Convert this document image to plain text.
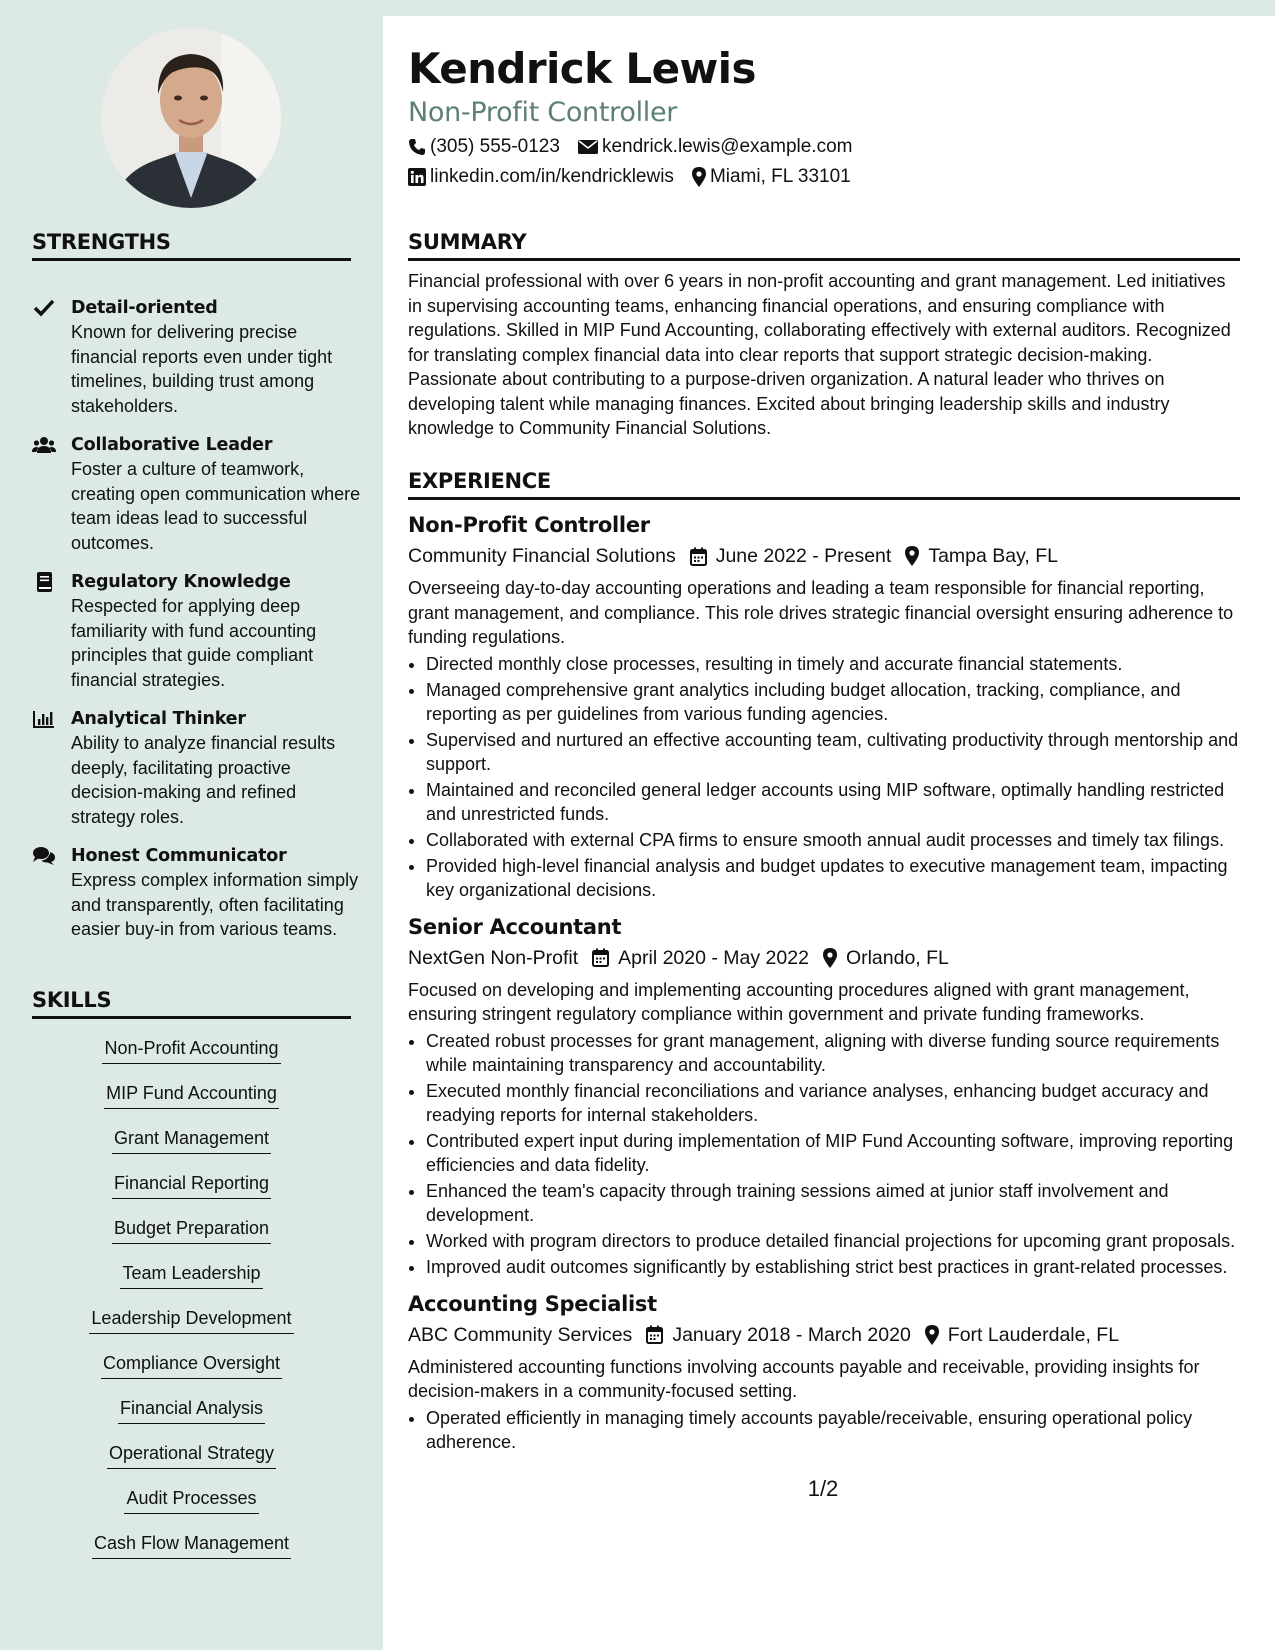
STRENGTHS
Detail-oriented
Known for delivering precise financial reports even under tight timelines, building trust among stakeholders.
Collaborative Leader
Foster a culture of teamwork, creating open communication where team ideas lead to successful outcomes.
Regulatory Knowledge
Respected for applying deep familiarity with fund accounting principles that guide compliant financial strategies.
Analytical Thinker
Ability to analyze financial results deeply, facilitating proactive decision-making and refined strategy roles.
Honest Communicator
Express complex information simply and transparently, often facilitating easier buy-in from various teams.
SKILLS
Non-Profit Accounting
MIP Fund Accounting
Grant Management
Financial Reporting
Budget Preparation
Team Leadership
Leadership Development
Compliance Oversight
Financial Analysis
Operational Strategy
Audit Processes
Cash Flow Management
Kendrick Lewis
Non-Profit Controller
(305) 555-0123 kendrick.lewis@example.com
linkedin.com/in/kendricklewis Miami, FL 33101
SUMMARY
Financial professional with over 6 years in non-profit accounting and grant management. Led initiatives in supervising accounting teams, enhancing financial operations, and ensuring compliance with regulations. Skilled in MIP Fund Accounting, collaborating effectively with external auditors. Recognized for translating complex financial data into clear reports that support strategic decision-making. Passionate about contributing to a purpose-driven organization. A natural leader who thrives on developing talent while managing finances. Excited about bringing leadership skills and industry knowledge to Community Financial Solutions.
EXPERIENCE
Non-Profit Controller
Community Financial Solutions June 2022 - Present Tampa Bay, FL
Overseeing day-to-day accounting operations and leading a team responsible for financial reporting, grant management, and compliance. This role drives strategic financial oversight ensuring adherence to funding regulations.
• Directed monthly close processes, resulting in timely and accurate financial statements.
• Managed comprehensive grant analytics including budget allocation, tracking, compliance, and reporting as per guidelines from various funding agencies.
• Supervised and nurtured an effective accounting team, cultivating productivity through mentorship and support.
• Maintained and reconciled general ledger accounts using MIP software, optimally handling restricted and unrestricted funds.
• Collaborated with external CPA firms to ensure smooth annual audit processes and timely tax filings.
• Provided high-level financial analysis and budget updates to executive management team, impacting key organizational decisions.
Senior Accountant
NextGen Non-Profit April 2020 - May 2022 Orlando, FL
Focused on developing and implementing accounting procedures aligned with grant management, ensuring stringent regulatory compliance within government and private funding frameworks.
• Created robust processes for grant management, aligning with diverse funding source requirements while maintaining transparency and accountability.
• Executed monthly financial reconciliations and variance analyses, enhancing budget accuracy and readying reports for internal stakeholders.
• Contributed expert input during implementation of MIP Fund Accounting software, improving reporting efficiencies and data fidelity.
• Enhanced the team's capacity through training sessions aimed at junior staff involvement and development.
• Worked with program directors to produce detailed financial projections for upcoming grant proposals.
• Improved audit outcomes significantly by establishing strict best practices in grant-related processes.
Accounting Specialist
ABC Community Services January 2018 - March 2020 Fort Lauderdale, FL
Administered accounting functions involving accounts payable and receivable, providing insights for decision-makers in a community-focused setting.
• Operated efficiently in managing timely accounts payable/receivable, ensuring operational policy adherence.
1/2
